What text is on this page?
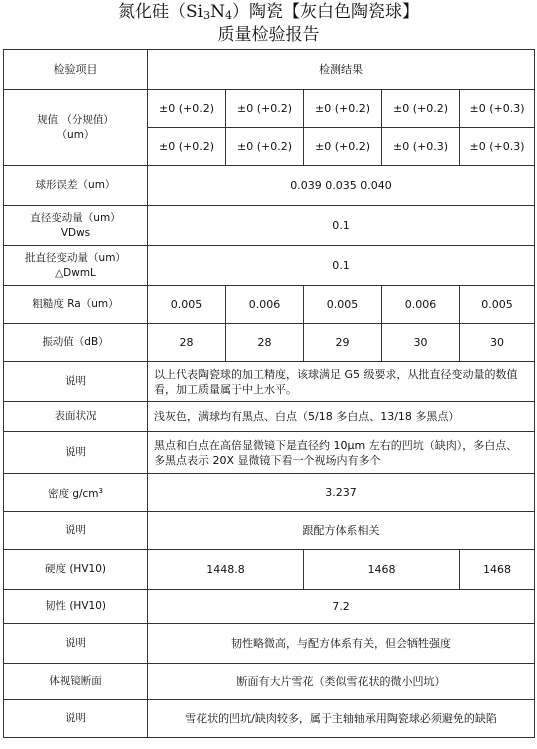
氮化硅$(Si_3N_4)$陶瓷【灰白色陶瓷球】
质量检验报告
检验项目	检测结果				
规值 （分规值）
（um）	±0 (+0.2)	±0 (+0.2)	±0 (+0.2)	±0 (+0.2)	±0 (+0.3)
	±0 (+0.2)	±0 (+0.2)	±0 (+0.2)	±0 (+0.3)	±0 (+0.3)
球形误差（um）	0.039 0.035 0.040				
直径变动量（um）
VDws	0.1				
批直径变动量（um）
△DwmL	0.1				
粗糙度 Ra（um）	0.005	0.006	0.005	0.006	0.005
振动值（dB）	28	28	29	30	30
说明	以上代表陶瓷球的加工精度，该球满足 G5 级要求，从批直径变动量的数值看，加工质量属于中上水平。				
表面状况	浅灰色，满球均有黑点、白点（5/18 多白点、13/18 多黑点）				
说明	黑点和白点在高倍显微镜下是直径约 10μm 左右的凹坑（缺肉），多白点、多黑点表示 20X 显微镜下看一个视场内有多个				
密度 $g/cm^3$	3.237				
说明	跟配方体系相关				
硬度 (HV10)	1448.8		1468		1468
韧性 (HV10)	7.2				
说明	韧性略微高，与配方体系有关，但会牺牲强度				
体视镜断面	断面有大片雪花（类似雪花状的微小凹坑）				
说明	雪花状的凹坑/缺肉较多，属于主轴轴承用陶瓷球必须避免的缺陷				
